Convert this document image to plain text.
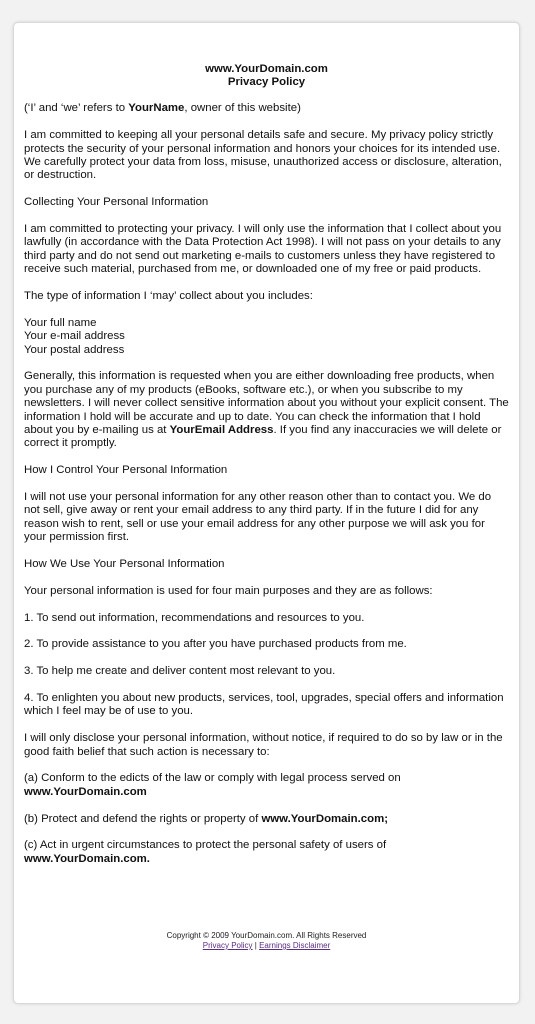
www.YourDomain.com
Privacy Policy

(‘I’ and ‘we’ refers to YourName, owner of this website)

I am committed to keeping all your personal details safe and secure. My privacy policy strictly protects the security of your personal information and honors your choices for its intended use. We carefully protect your data from loss, misuse, unauthorized access or disclosure, alteration, or destruction.

Collecting Your Personal Information

I am committed to protecting your privacy. I will only use the information that I collect about you lawfully (in accordance with the Data Protection Act 1998). I will not pass on your details to any third party and do not send out marketing e-mails to customers unless they have registered to receive such material, purchased from me, or downloaded one of my free or paid products.

The type of information I ‘may’ collect about you includes:

Your full name
Your e-mail address
Your postal address

Generally, this information is requested when you are either downloading free products, when you purchase any of my products (eBooks, software etc.), or when you subscribe to my newsletters. I will never collect sensitive information about you without your explicit consent. The information I hold will be accurate and up to date. You can check the information that I hold about you by e-mailing us at YourEmail Address. If you find any inaccuracies we will delete or correct it promptly.

How I Control Your Personal Information

I will not use your personal information for any other reason other than to contact you. We do not sell, give away or rent your email address to any third party. If in the future I did for any reason wish to rent, sell or use your email address for any other purpose we will ask you for your permission first.

How We Use Your Personal Information

Your personal information is used for four main purposes and they are as follows:

1. To send out information, recommendations and resources to you.

2. To provide assistance to you after you have purchased products from me.

3. To help me create and deliver content most relevant to you.

4. To enlighten you about new products, services, tool, upgrades, special offers and information which I feel may be of use to you.

I will only disclose your personal information, without notice, if required to do so by law or in the good faith belief that such action is necessary to:

(a) Conform to the edicts of the law or comply with legal process served on www.YourDomain.com

(b) Protect and defend the rights or property of www.YourDomain.com;

(c) Act in urgent circumstances to protect the personal safety of users of www.YourDomain.com.

Copyright © 2009 YourDomain.com. All Rights Reserved
Privacy Policy | Earnings Disclaimer
